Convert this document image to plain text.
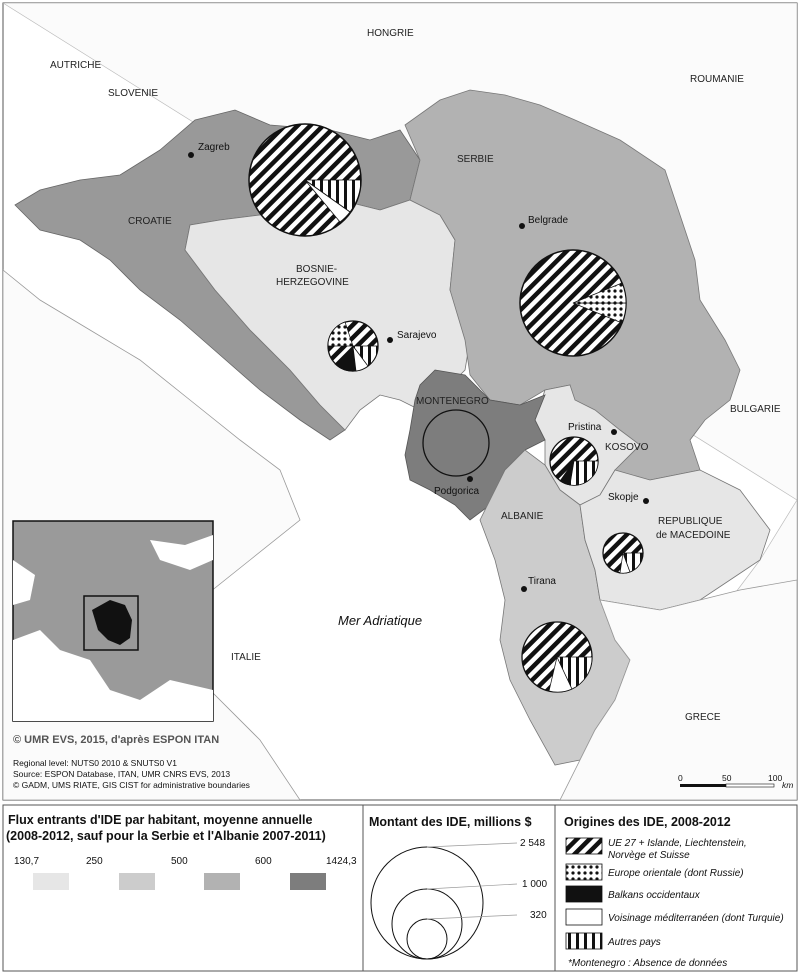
HONGRIE
AUTRICHE
SLOVENIE
ROUMANIE
SERBIE
CROATIE
BOSNIE-
HERZEGOVINE
MONTENEGRO
KOSOVO
BULGARIE
ALBANIE	REPUBLIQUE
de MACEDOINE
ITALIE
GRECE
Mer Adriatique
Zagreb
Belgrade
Sarajevo
Pristina
Podgorica
Skopje
Tirana
© UMR EVS, 2015, d'après ESPON ITAN
Regional level: NUTS0 2010 & SNUTS0 V1
Source: ESPON Database, ITAN, UMR CNRS EVS, 2013
© GADM, UMS RIATE, GIS CIST for administrative boundaries
0	50	100
km
Flux entrants d'IDE par habitant, moyenne annuelle
(2008-2012, sauf pour la Serbie et l'Albanie 2007-2011)
130,7	250	500	600	1424,3
Montant des IDE, millions $
2 548
1 000
320
Origines des IDE, 2008-2012
UE 27 + Islande, Liechtenstein,
Norvège et Suisse
Europe orientale (dont Russie)
Balkans occidentaux
Voisinage méditerranéen (dont Turquie)
Autres pays
*Montenegro : Absence de données
